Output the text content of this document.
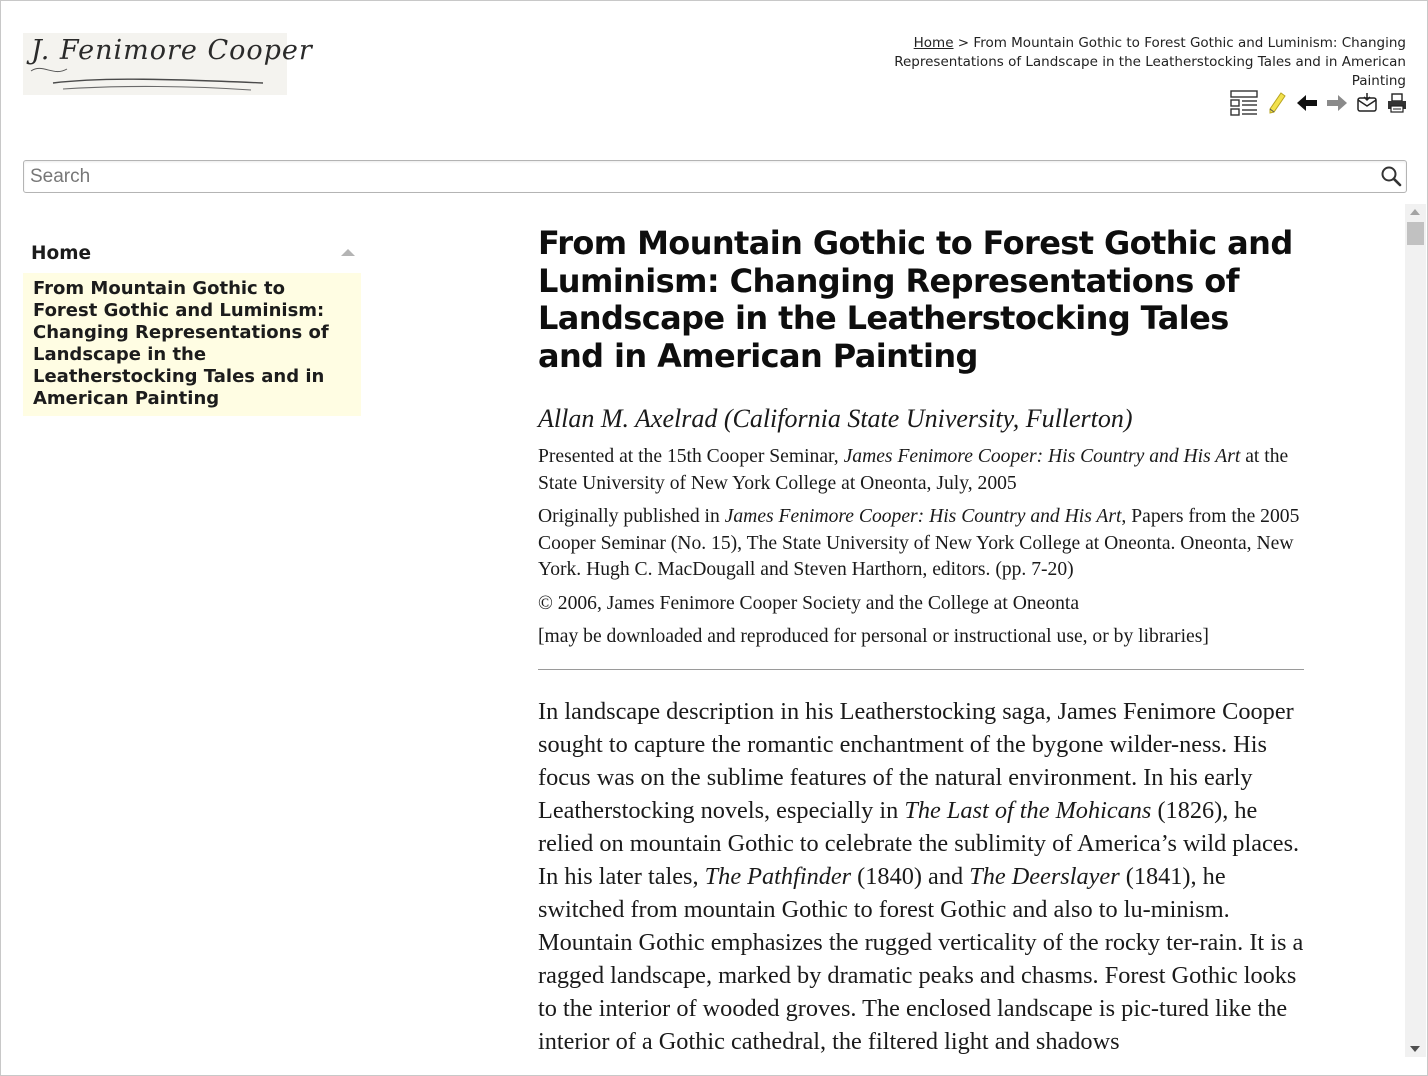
J. Fenimore Cooper	Home > From Mountain Gothic to Forest Gothic and Luminism: Changing Representations of Landscape in the Leatherstocking Tales and in American Painting
Search
Home
From Mountain Gothic to Forest Gothic and Luminism: Changing Representations of Landscape in the Leatherstocking Tales and in American Painting
From Mountain Gothic to Forest Gothic and Luminism: Changing Representations of Landscape in the Leatherstocking Tales and in American Painting
Allan M. Axelrad (California State University, Fullerton)

Presented at the 15th Cooper Seminar, James Fenimore Cooper: His Country and His Art at the State University of New York College at Oneonta, July, 2005

Originally published in James Fenimore Cooper: His Country and His Art, Papers from the 2005 Cooper Seminar (No. 15), The State University of New York College at Oneonta. Oneonta, New York. Hugh C. MacDougall and Steven Harthorn, editors. (pp. 7-20)

© 2006, James Fenimore Cooper Society and the College at Oneonta

[may be downloaded and reproduced for personal or instructional use, or by libraries]

In landscape description in his Leatherstocking saga, James Fenimore Cooper sought to capture the romantic enchantment of the bygone wilder-ness. His focus was on the sublime features of the natural environment. In his early Leatherstocking novels, especially in The Last of the Mohicans (1826), he relied on mountain Gothic to celebrate the sublimity of America’s wild places. In his later tales, The Pathfinder (1840) and The Deerslayer (1841), he switched from mountain Gothic to forest Gothic and also to lu-minism. Mountain Gothic emphasizes the rugged verticality of the rocky ter-rain. It is a ragged landscape, marked by dramatic peaks and chasms. Forest Gothic looks to the interior of wooded groves. The enclosed landscape is pic-tured like the interior of a Gothic cathedral, the filtered light and shadows
